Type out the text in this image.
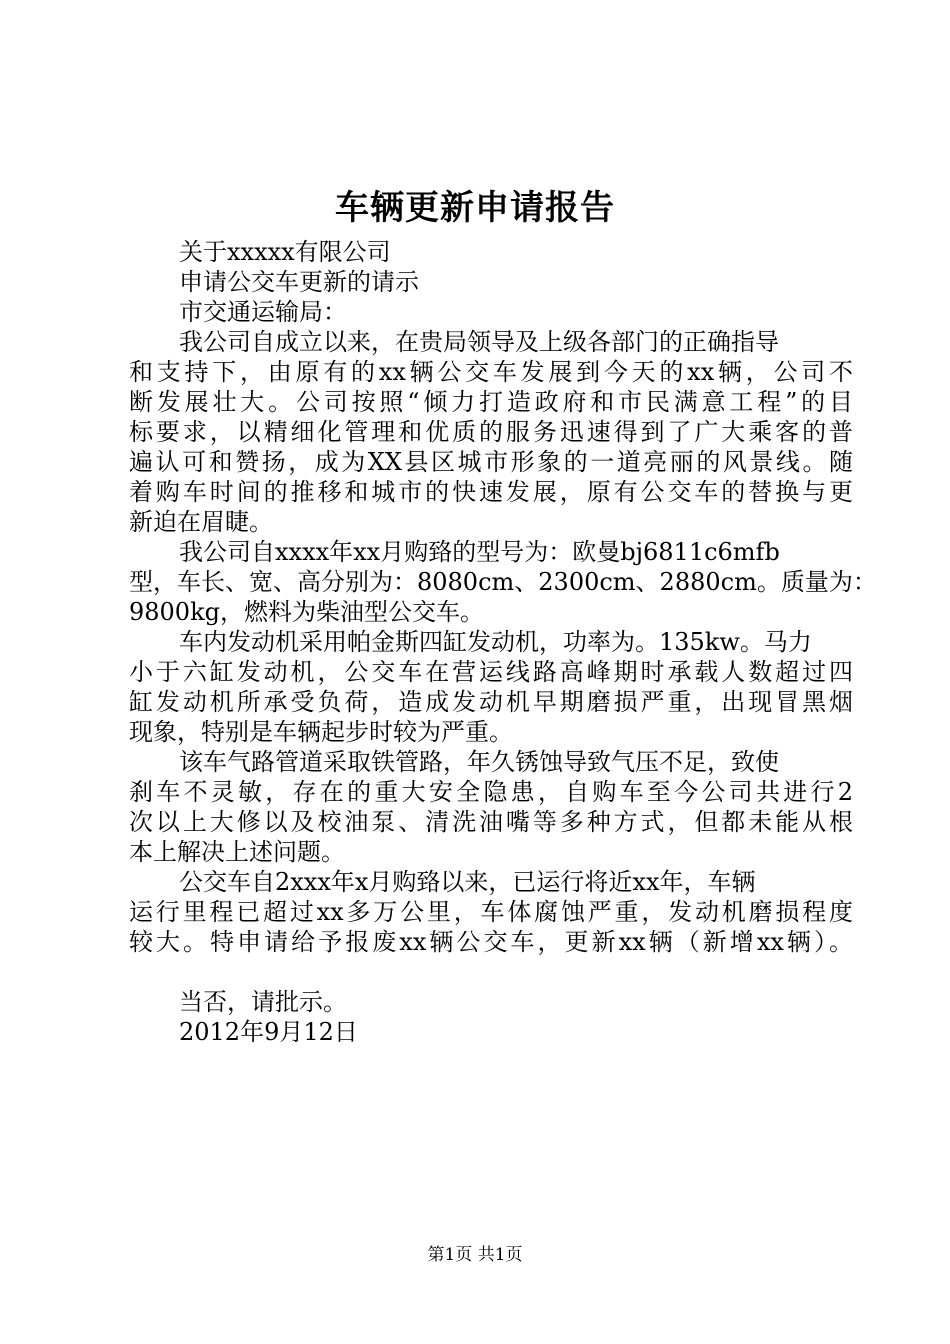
车辆更新申请报告
关于xxxxx有限公司
申请公交车更新的请示
市交通运输局：
我公司自成立以来，在贵局领导及上级各部门的正确指导
和支持下，由原有的xx辆公交车发展到今天的xx辆，公司不
断发展壮大。公司按照“倾力打造政府和市民满意工程”的目
标要求，以精细化管理和优质的服务迅速得到了广大乘客的普
遍认可和赞扬，成为XX县区城市形象的一道亮丽的风景线。随
着购车时间的推移和城市的快速发展，原有公交车的替换与更
新迫在眉睫。
我公司自xxxx年xx月购臵的型号为：欧曼bj6811c6mfb
型，车长、宽、高分别为：8080cm、2300cm、2880cm。质量为：
9800kg，燃料为柴油型公交车。
车内发动机采用帕金斯四缸发动机，功率为。135kw。马力
小于六缸发动机，公交车在营运线路高峰期时承载人数超过四
缸发动机所承受负荷，造成发动机早期磨损严重，出现冒黑烟
现象，特别是车辆起步时较为严重。
该车气路管道采取铁管路，年久锈蚀导致气压不足，致使
刹车不灵敏，存在的重大安全隐患，自购车至今公司共进行2
次以上大修以及校油泵、清洗油嘴等多种方式，但都未能从根
本上解决上述问题。
公交车自2xxx年x月购臵以来，已运行将近xx年，车辆
运行里程已超过xx多万公里，车体腐蚀严重，发动机磨损程度
较大。特申请给予报废xx辆公交车，更新xx辆（新增xx辆）。
当否，请批示。
2012年9月12日
第1页 共1页
